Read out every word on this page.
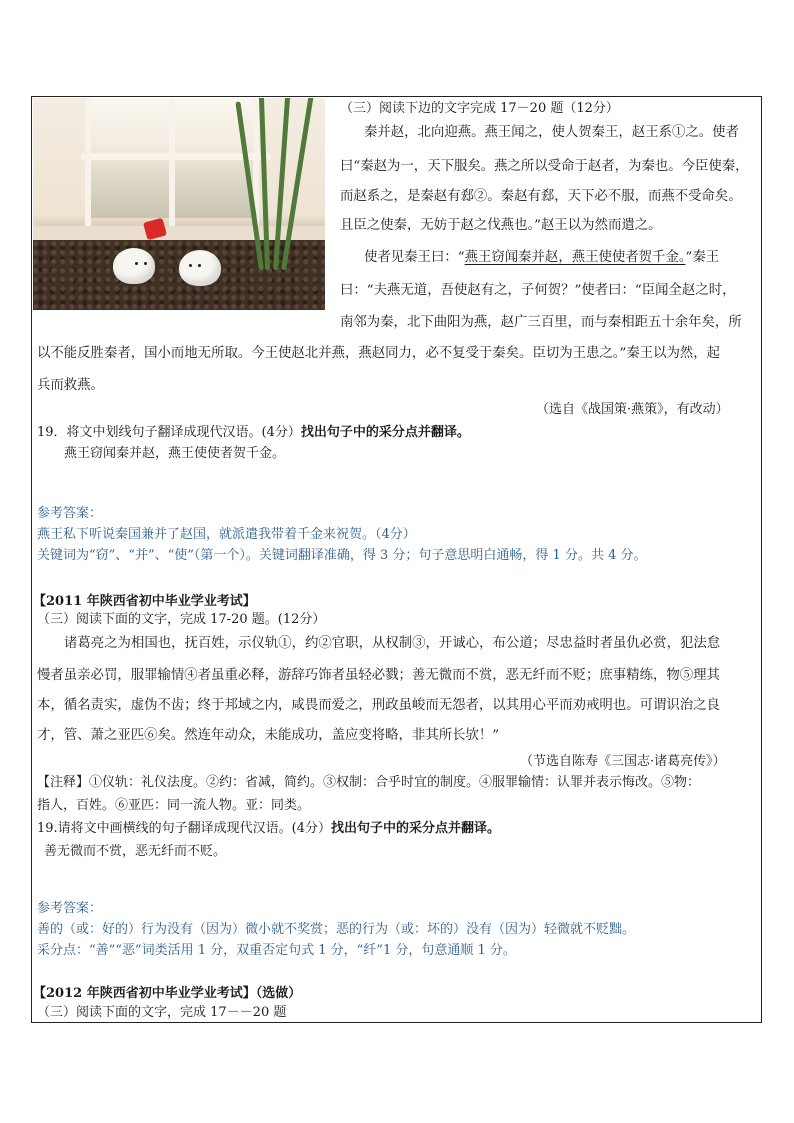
（三）阅读下边的文字完成 17－20 题（12分）
秦并赵，北向迎燕。燕王闻之，使人贺秦王，赵王系①之。使者
曰“秦赵为一，天下服矣。燕之所以受命于赵者，为秦也。今臣使秦，
而赵系之，是秦赵有郄②。秦赵有郄，天下必不服，而燕不受命矣。
且臣之使秦，无妨于赵之伐燕也。”赵王以为然而遣之。
使者见秦王曰：“燕王窃闻秦并赵，燕王使使者贺千金。”秦王
曰：“夫燕无道，吾使赵有之，子何贺？”使者曰：“臣闻全赵之时，
南邻为秦，北下曲阳为燕，赵广三百里，而与秦相距五十余年矣，所
以不能反胜秦者，国小而地无所取。今王使赵北并燕，燕赵同力，必不复受于秦矣。臣切为王患之。”秦王以为然，起
兵而救燕。
（选自《战国策·燕策》，有改动）
19．将文中划线句子翻译成现代汉语。(4分）找出句子中的采分点并翻译。
燕王窃闻秦并赵，燕王使使者贺千金。
参考答案：
燕王私下听说秦国兼并了赵国，就派遣我带着千金来祝贺。（4分）
关键词为“窃”、“并”、“使”（第一个）。关键词翻译准确，得 3 分；句子意思明白通畅，得 1 分。共 4 分。
【2011 年陕西省初中毕业学业考试】
（三）阅读下面的文字，完成 17-20 题。(12分）
诸葛亮之为相国也，抚百姓，示仪轨①，约②官职，从权制③，开诚心，布公道；尽忠益时者虽仇必赏，犯法怠
慢者虽亲必罚，服罪输情④者虽重必释，游辞巧饰者虽轻必戮；善无微而不赏，恶无纤而不贬；庶事精练，物⑤理其
本，循名责实，虚伪不齿；终于邦域之内，咸畏而爱之，刑政虽峻而无怨者，以其用心平而劝戒明也。可谓识治之良
才，管、萧之亚匹⑥矣。然连年动众，未能成功，盖应变将略，非其所长欤！”
（节选自陈寿《三国志·诸葛亮传》）
【注释】①仪轨：礼仪法度。②约：省减，简约。③权制：合乎时宜的制度。④服罪输情：认罪并表示悔改。⑤物：
指人，百姓。⑥亚匹：同一流人物。亚：同类。
19.请将文中画横线的句子翻译成现代汉语。(4分）找出句子中的采分点并翻译。
善无微而不赏，恶无纤而不贬。
参考答案：
善的（或：好的）行为没有（因为）微小就不奖赏；恶的行为（或：坏的）没有（因为）轻微就不贬黜。
采分点：“善”“恶”词类活用 1 分，双重否定句式 1 分，“纤”1 分，句意通顺 1 分。
【2012 年陕西省初中毕业学业考试】（选做）
（三）阅读下面的文字，完成 17－－20 题
